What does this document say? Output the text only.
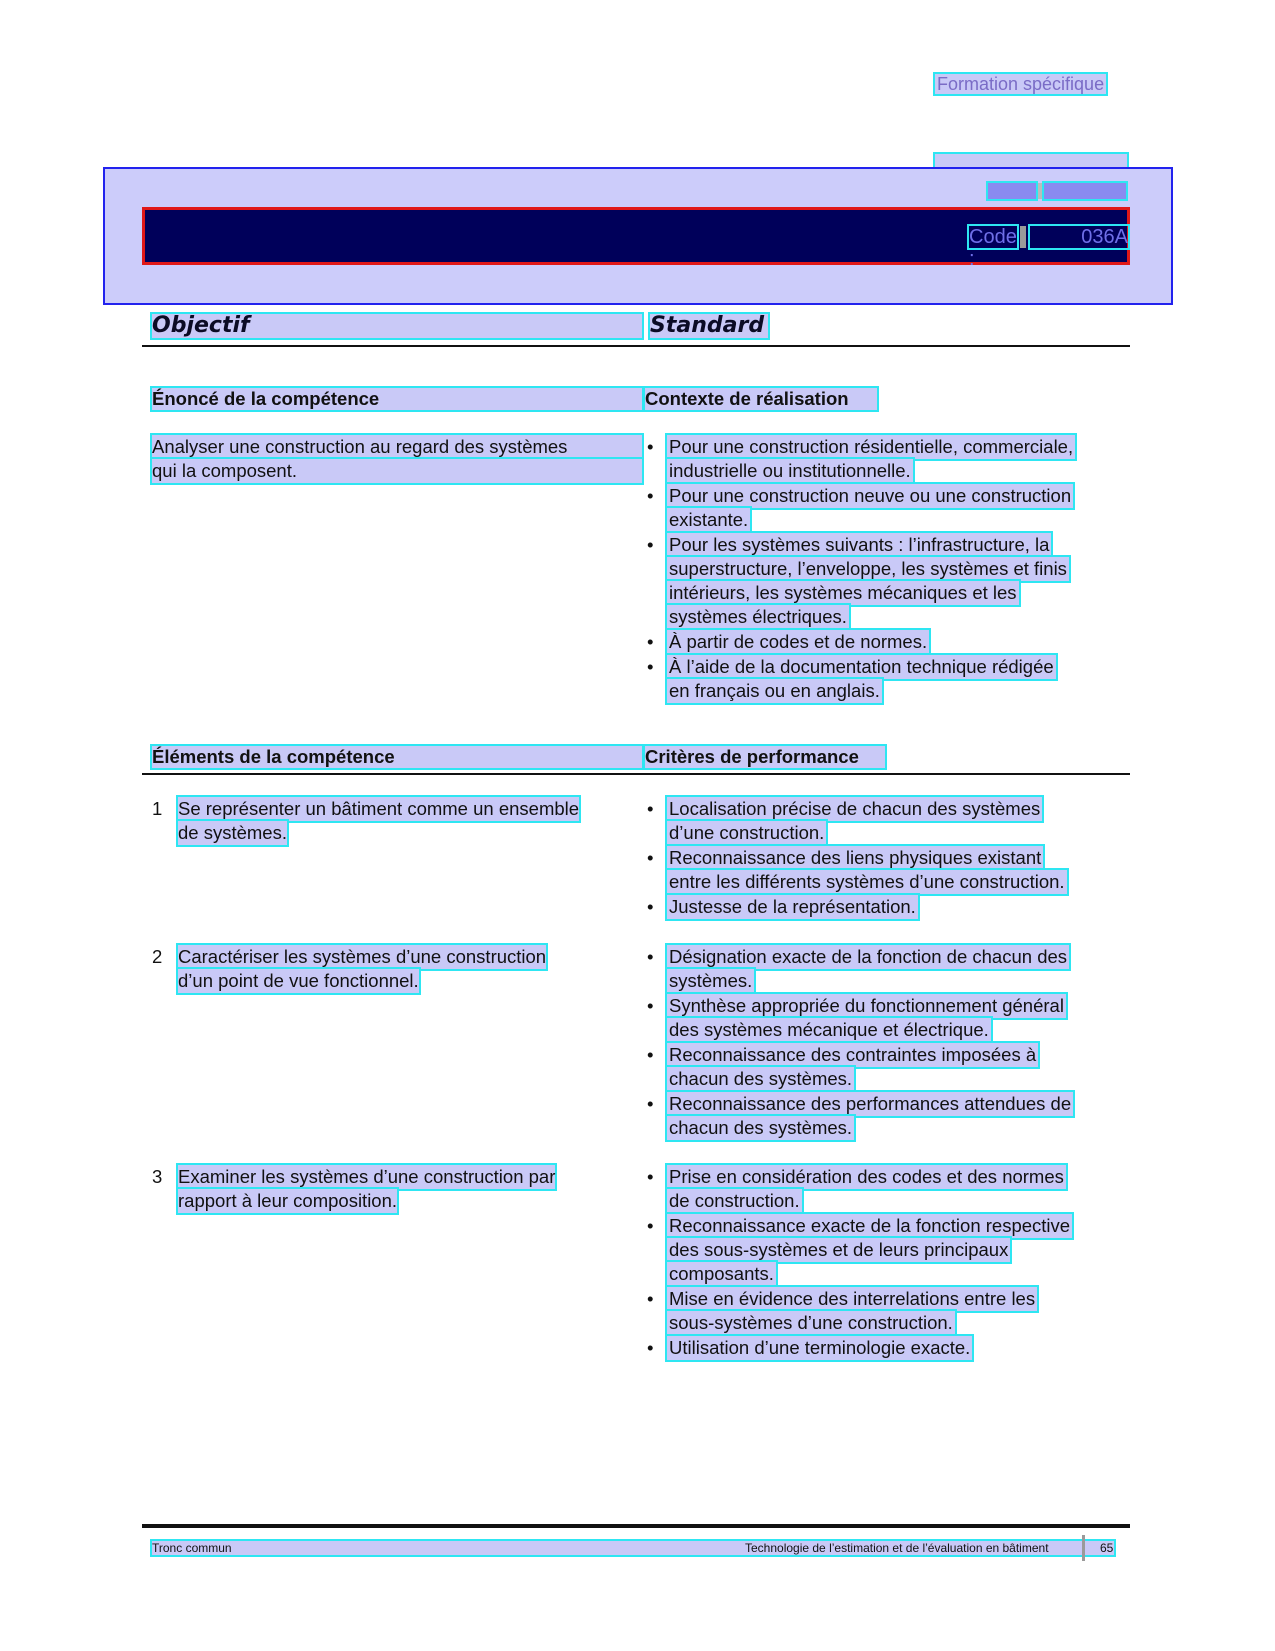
Formation spécifique
Code :
036A
Objectif	Standard
Énoncé de la compétence	Contexte de réalisation
Analyser une construction au regard des systèmes
qui la composent.
• Pour une construction résidentielle, commerciale,
industrielle ou institutionnelle.
• Pour une construction neuve ou une construction
existante.
• Pour les systèmes suivants : l’infrastructure, la
superstructure, l’enveloppe, les systèmes et finis
intérieurs, les systèmes mécaniques et les
systèmes électriques.
• À partir de codes et de normes.
• À l’aide de la documentation technique rédigée
en français ou en anglais.
Éléments de la compétence	Critères de performance
1 Se représenter un bâtiment comme un ensemble
de systèmes.
• Localisation précise de chacun des systèmes
d’une construction.
• Reconnaissance des liens physiques existant
entre les différents systèmes d’une construction.
• Justesse de la représentation.
2 Caractériser les systèmes d’une construction
d’un point de vue fonctionnel.
• Désignation exacte de la fonction de chacun des
systèmes.
• Synthèse appropriée du fonctionnement général
des systèmes mécanique et électrique.
• Reconnaissance des contraintes imposées à
chacun des systèmes.
• Reconnaissance des performances attendues de
chacun des systèmes.
3 Examiner les systèmes d’une construction par
rapport à leur composition.
• Prise en considération des codes et des normes
de construction.
• Reconnaissance exacte de la fonction respective
des sous-systèmes et de leurs principaux
composants.
• Mise en évidence des interrelations entre les
sous-systèmes d’une construction.
• Utilisation d’une terminologie exacte.
Tronc commun	Technologie de l’estimation et de l’évaluation en bâtiment	65
